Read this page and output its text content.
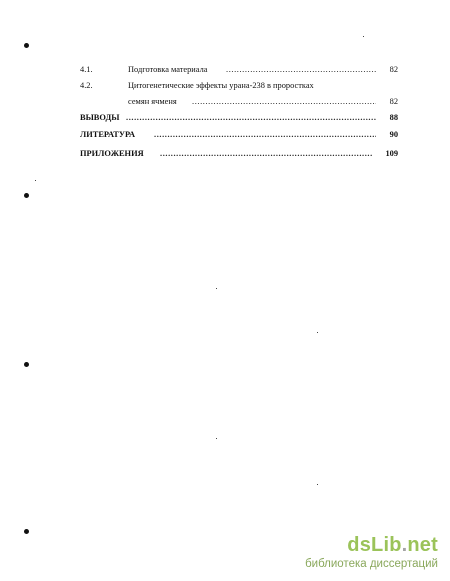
4.1.	Подготовка материала .....	82
4.2.	Цитогенетические эффекты урана-238 в проростках
семян ячменя .....	82
ВЫВОДЫ .....	88
ЛИТЕРАТУРА .....	90
ПРИЛОЖЕНИЯ .....	109
dsLib.net
библиотека диссертаций
